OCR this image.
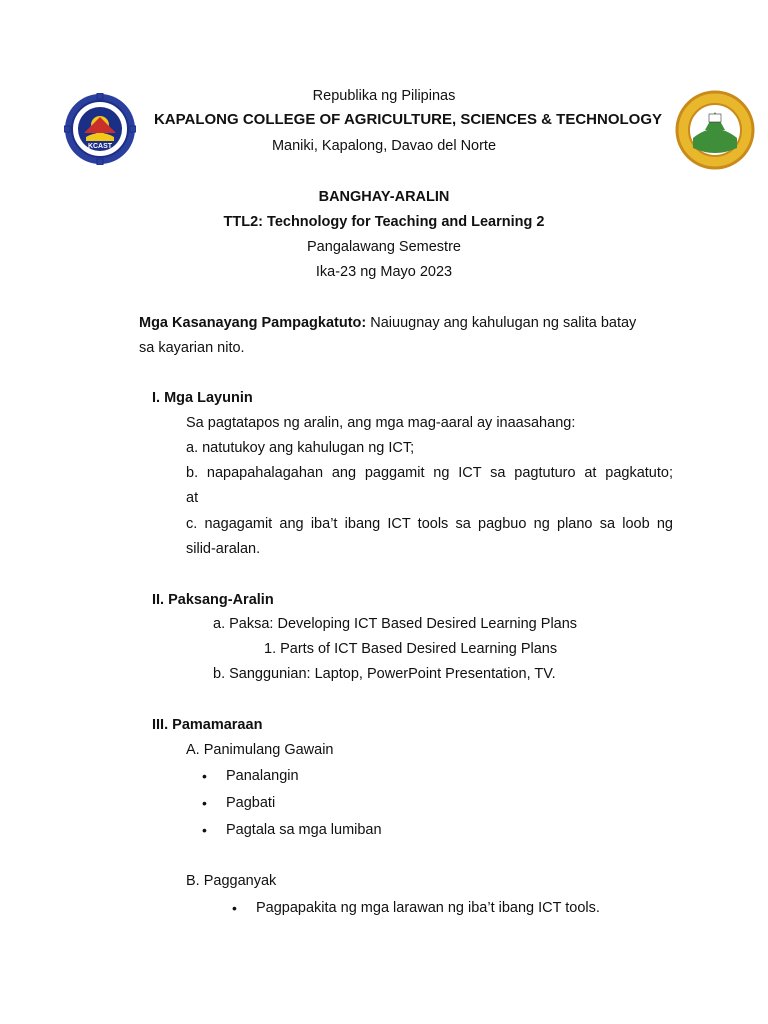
KCAST
Republika ng Pilipinas
KAPALONG COLLEGE OF AGRICULTURE, SCIENCES & TECHNOLOGY
Maniki, Kapalong, Davao del Norte
BANGHAY-ARALIN
TTL2: Technology for Teaching and Learning 2
Pangalawang Semestre
Ika-23 ng Mayo 2023
Mga Kasanayang Pampagkatuto: Naiuugnay ang kahulugan ng salita batay
sa kayarian nito.
I. Mga Layunin
Sa pagtatapos ng aralin, ang mga mag-aaral ay inaasahang:
a. natutukoy ang kahulugan ng ICT;
b. napapahalagahan ang paggamit ng ICT sa pagtuturo at pagkatuto;
at
c. nagagamit ang iba’t ibang ICT tools sa pagbuo ng plano sa loob ng
silid-aralan.
II. Paksang-Aralin
a. Paksa: Developing ICT Based Desired Learning Plans
1. Parts of ICT Based Desired Learning Plans
b. Sanggunian: Laptop, PowerPoint Presentation, TV.
III. Pamamaraan
A. Panimulang Gawain
• Panalangin
• Pagbati
• Pagtala sa mga lumiban
B. Pagganyak
• Pagpapakita ng mga larawan ng iba’t ibang ICT tools.
